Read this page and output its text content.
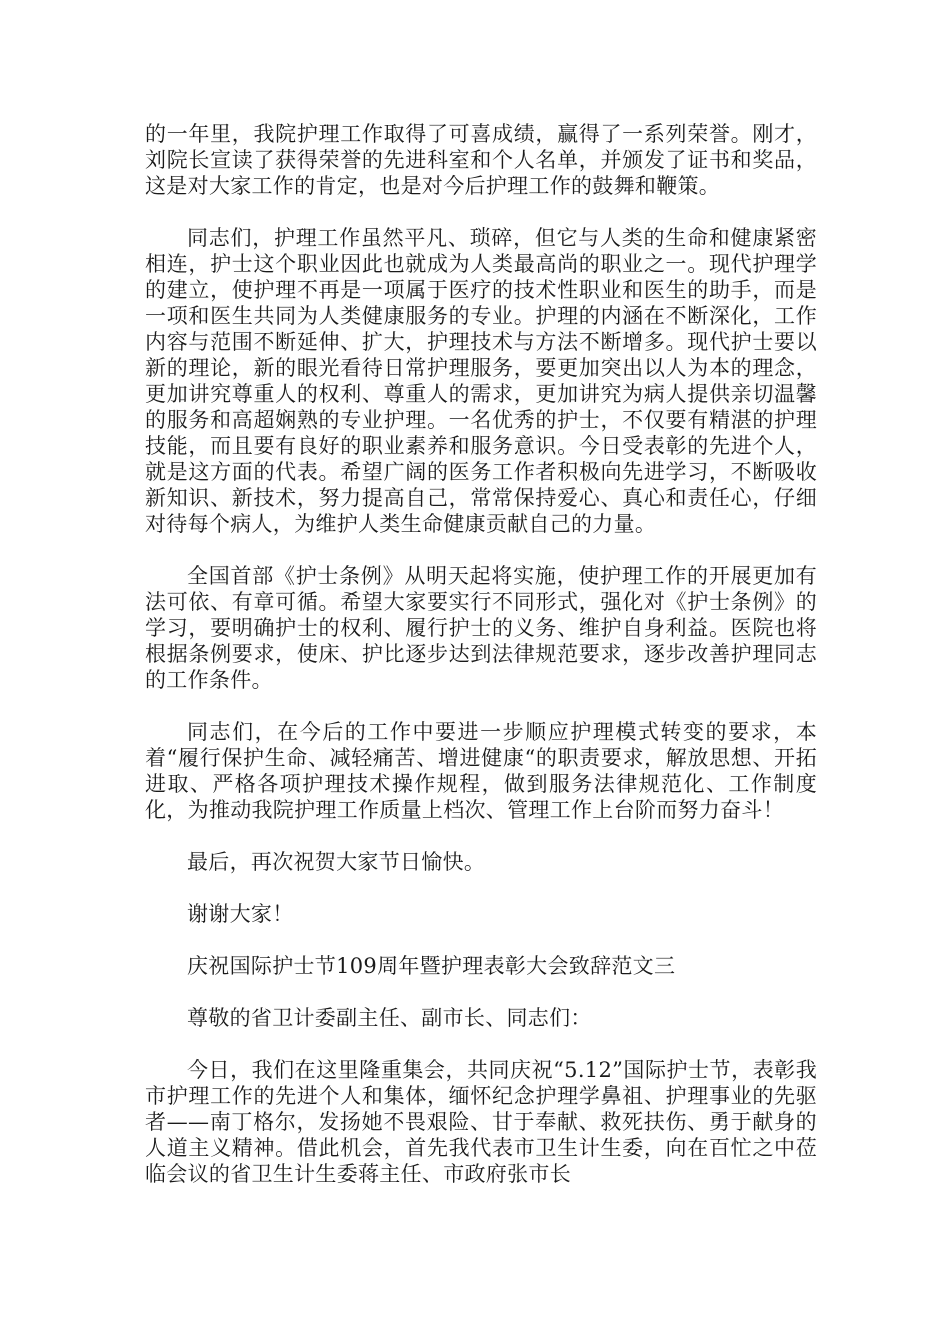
的一年里，我院护理工作取得了可喜成绩，赢得了一系列荣誉。刚才，刘院长宣读了获得荣誉的先进科室和个人名单，并颁发了证书和奖品，这是对大家工作的肯定，也是对今后护理工作的鼓舞和鞭策。

同志们，护理工作虽然平凡、琐碎，但它与人类的生命和健康紧密相连，护士这个职业因此也就成为人类最高尚的职业之一。现代护理学的建立，使护理不再是一项属于医疗的技术性职业和医生的助手，而是一项和医生共同为人类健康服务的专业。护理的内涵在不断深化，工作内容与范围不断延伸、扩大，护理技术与方法不断增多。现代护士要以新的理论，新的眼光看待日常护理服务，要更加突出以人为本的理念，更加讲究尊重人的权利、尊重人的需求，更加讲究为病人提供亲切温馨的服务和高超娴熟的专业护理。一名优秀的护士，不仅要有精湛的护理技能，而且要有良好的职业素养和服务意识。今日受表彰的先进个人，就是这方面的代表。希望广阔的医务工作者积极向先进学习，不断吸收新知识、新技术，努力提高自己，常常保持爱心、真心和责任心，仔细对待每个病人，为维护人类生命健康贡献自己的力量。

全国首部《护士条例》从明天起将实施，使护理工作的开展更加有法可依、有章可循。希望大家要实行不同形式，强化对《护士条例》的学习，要明确护士的权利、履行护士的义务、维护自身利益。医院也将根据条例要求，使床、护比逐步达到法律规范要求，逐步改善护理同志的工作条件。

同志们，在今后的工作中要进一步顺应护理模式转变的要求，本着“履行保护生命、减轻痛苦、增进健康“的职责要求，解放思想、开拓进取、严格各项护理技术操作规程，做到服务法律规范化、工作制度化，为推动我院护理工作质量上档次、管理工作上台阶而努力奋斗！

最后，再次祝贺大家节日愉快。

谢谢大家！

庆祝国际护士节109周年暨护理表彰大会致辞范文三

尊敬的省卫计委副主任、副市长、同志们：

今日，我们在这里隆重集会，共同庆祝“5.12”国际护士节，表彰我市护理工作的先进个人和集体，缅怀纪念护理学鼻祖、护理事业的先驱者——南丁格尔，发扬她不畏艰险、甘于奉献、救死扶伤、勇于献身的人道主义精神。借此机会，首先我代表市卫生计生委，向在百忙之中莅临会议的省卫生计生委蒋主任、市政府张市长
